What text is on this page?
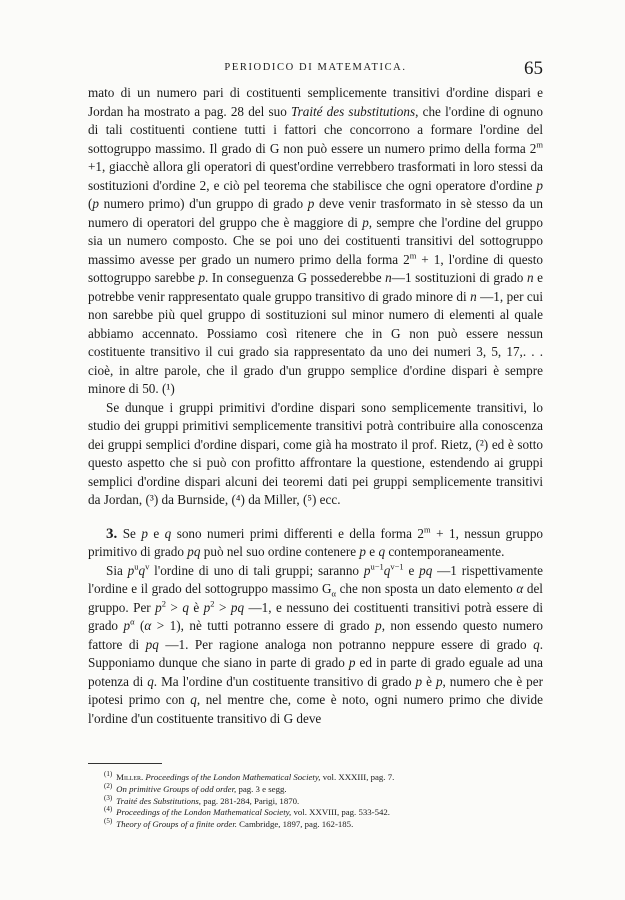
PERIODICO DI MATEMATICA.	65

mato di un numero pari di costituenti semplicemente transitivi d'ordine dispari e Jordan ha mostrato a pag. 28 del suo Traité des substitutions, che l'ordine di ognuno di tali costituenti contiene tutti i fattori che concorrono a formare l'ordine del sottogruppo massimo. Il grado di G non può essere un numero primo della forma $2^m +1$, giacchè allora gli operatori di quest'ordine verrebbero trasformati in loro stessi da sostituzioni d'ordine 2, e ciò pel teorema che stabilisce che ogni operatore d'ordine p (p numero primo) d'un gruppo di grado p deve venir trasformato in sè stesso da un numero di operatori del gruppo che è maggiore di p, sempre che l'ordine del gruppo sia un numero composto. Che se poi uno dei costituenti transitivi del sottogruppo massimo avesse per grado un numero primo della forma $2^m + 1$, l'ordine di questo sottogruppo sarebbe p. In conseguenza G possederebbe n—1 sostituzioni di grado n e potrebbe venir rappresentato quale gruppo transitivo di grado minore di n —1, per cui non sarebbe più quel gruppo di sostituzioni sul minor numero di elementi al quale abbiamo accennato. Possiamo così ritenere che in G non può essere nessun costituente transitivo il cui grado sia rappresentato da uno dei numeri 3, 5, 17,. . . cioè, in altre parole, che il grado d'un gruppo semplice d'ordine dispari è sempre minore di 50. (¹)

Se dunque i gruppi primitivi d'ordine dispari sono semplicemente transitivi, lo studio dei gruppi primitivi semplicemente transitivi potrà contribuire alla conoscenza dei gruppi semplici d'ordine dispari, come già ha mostrato il prof. Rietz, (²) ed è sotto questo aspetto che si può con profitto affrontare la questione, estendendo ai gruppi semplici d'ordine dispari alcuni dei teoremi dati pei gruppi semplicemente transitivi da Jordan, (³) da Burnside, (⁴) da Miller, (⁵) ecc.

3. Se p e q sono numeri primi differenti e della forma $2^m + 1$, nessun gruppo primitivo di grado pq può nel suo ordine contenere p e q contemporaneamente.

Sia $p^uq^v$ l'ordine di uno di tali gruppi; saranno $p^{u-1}q^{v-1}$ e pq —1 rispettivamente l'ordine e il grado del sottogruppo massimo $G_\alpha$ che non sposta un dato elemento α del gruppo. Per $p^2 > q$ è $p^2$ > pq —1, e nessuno dei costituenti transitivi potrà essere di grado $p^\alpha$ (α > 1), nè tutti potranno essere di grado p, non essendo questo numero fattore di pq —1. Per ragione analoga non potranno neppure essere di grado q. Supponiamo dunque che siano in parte di grado p ed in parte di grado eguale ad una potenza di q. Ma l'ordine d'un costituente transitivo di grado p è p, numero che è per ipotesi primo con q, nel mentre che, come è noto, ogni numero primo che divide l'ordine d'un costituente transitivo di G deve

$^{(1)}$ Miller. Proceedings of the London Mathematical Society, vol. XXXIII, pag. 7.
$^{(2)}$ On primitive Groups of odd order, pag. 3 e segg.
$^{(3)}$ Traité des Substitutions, pag. 281-284, Parigi, 1870.
$^{(4)}$ Proceedings of the London Mathematical Society, vol. XXVIII, pag. 533-542.
$^{(5)}$ Theory of Groups of a finite order. Cambridge, 1897, pag. 162-185.
